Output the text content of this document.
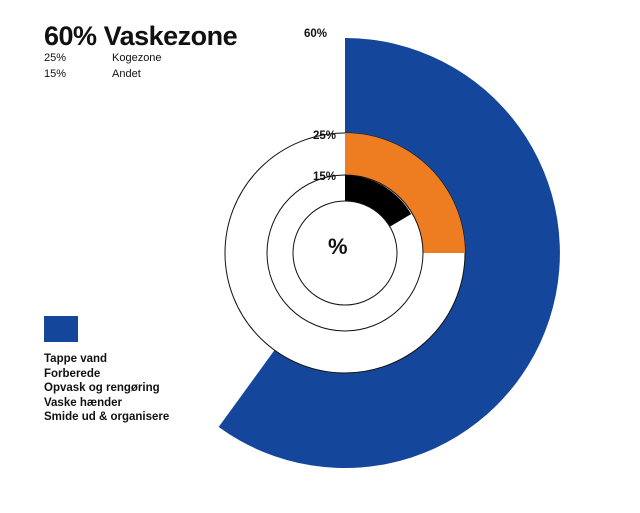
60% Vaskezone
25%	Kogezone
15%	Andet
Tappe vand
Forberede
Opvask og rengøring
Vaske hænder
Smide ud & organisere
60%
25%
15%
%
